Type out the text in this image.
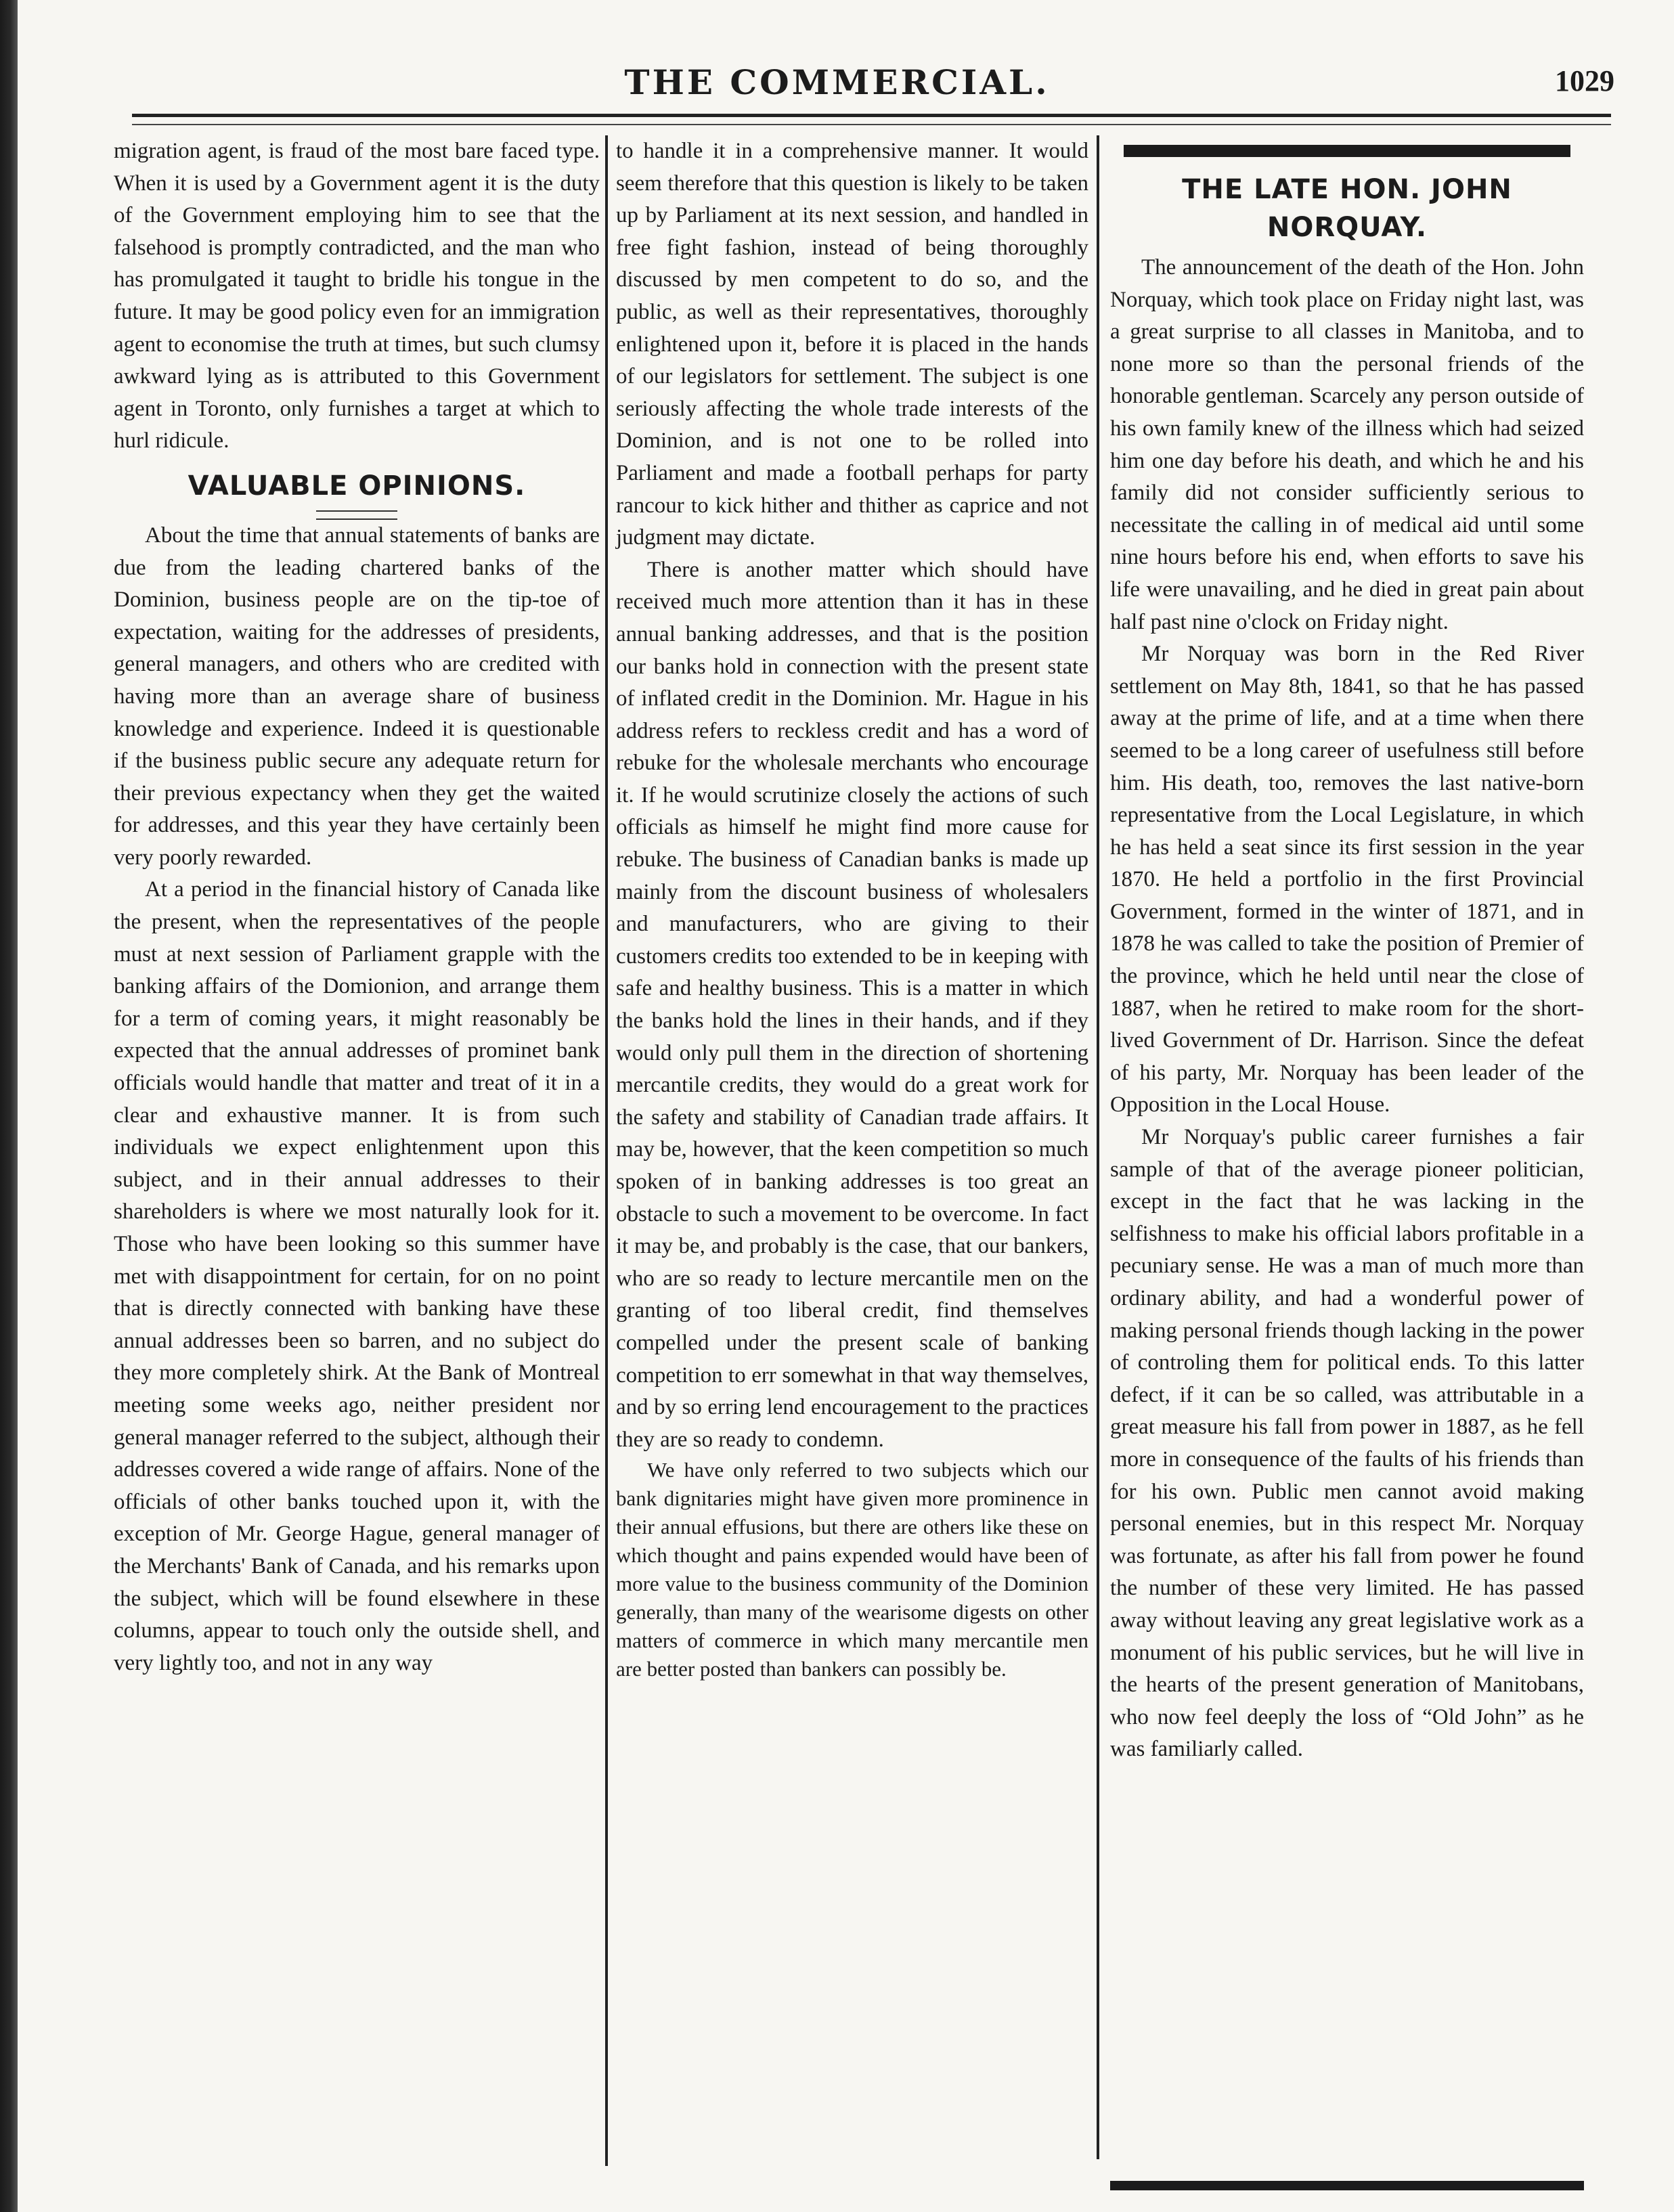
THE COMMERCIAL.	1029

migration agent, is fraud of the most bare faced type. When it is used by a Government agent it is the duty of the Government employing him to see that the falsehood is promptly contradicted, and the man who has promulgated it taught to bridle his tongue in the future. It may be good policy even for an immigration agent to economise the truth at times, but such clumsy awkward lying as is attributed to this Government agent in Toronto, only furnishes a target at which to hurl ridicule.

VALUABLE OPINIONS.

About the time that annual statements of banks are due from the leading chartered banks of the Dominion, business people are on the tip-toe of expectation, waiting for the addresses of presidents, general managers, and others who are credited with having more than an average share of business knowledge and experience. Indeed it is questionable if the business public secure any adequate return for their previous expectancy when they get the waited for addresses, and this year they have certainly been very poorly rewarded.

At a period in the financial history of Canada like the present, when the representatives of the people must at next session of Parliament grapple with the banking affairs of the Domionion, and arrange them for a term of coming years, it might reasonably be expected that the annual addresses of prominet bank officials would handle that matter and treat of it in a clear and exhaustive manner. It is from such individuals we expect enlightenment upon this subject, and in their annual addresses to their shareholders is where we most naturally look for it. Those who have been looking so this summer have met with disappointment for certain, for on no point that is directly connected with banking have these annual addresses been so barren, and no subject do they more completely shirk. At the Bank of Montreal meeting some weeks ago, neither president nor general manager referred to the subject, although their addresses covered a wide range of affairs. None of the officials of other banks touched upon it, with the exception of Mr. George Hague, general manager of the Merchants' Bank of Canada, and his remarks upon the subject, which will be found elsewhere in these columns, appear to touch only the outside shell, and very lightly too, and not in any way

to handle it in a comprehensive manner. It would seem therefore that this question is likely to be taken up by Parliament at its next session, and handled in free fight fashion, instead of being thoroughly discussed by men competent to do so, and the public, as well as their representatives, thoroughly enlightened upon it, before it is placed in the hands of our legislators for settlement. The subject is one seriously affecting the whole trade interests of the Dominion, and is not one to be rolled into Parliament and made a football perhaps for party rancour to kick hither and thither as caprice and not judgment may dictate.

There is another matter which should have received much more attention than it has in these annual banking addresses, and that is the position our banks hold in connection with the present state of inflated credit in the Dominion. Mr. Hague in his address refers to reckless credit and has a word of rebuke for the wholesale merchants who encourage it. If he would scrutinize closely the actions of such officials as himself he might find more cause for rebuke. The business of Canadian banks is made up mainly from the discount business of wholesalers and manufacturers, who are giving to their customers credits too extended to be in keeping with safe and healthy business. This is a matter in which the banks hold the lines in their hands, and if they would only pull them in the direction of shortening mercantile credits, they would do a great work for the safety and stability of Canadian trade affairs. It may be, however, that the keen competition so much spoken of in banking addresses is too great an obstacle to such a movement to be overcome. In fact it may be, and probably is the case, that our bankers, who are so ready to lecture mercantile men on the granting of too liberal credit, find themselves compelled under the present scale of banking competition to err somewhat in that way themselves, and by so erring lend encouragement to the practices they are so ready to condemn.

We have only referred to two subjects which our bank dignitaries might have given more prominence in their annual effusions, but there are others like these on which thought and pains expended would have been of more value to the business community of the Dominion generally, than many of the wearisome digests on other matters of commerce in which many mercantile men are better posted than bankers can possibly be.

THE LATE HON. JOHN NORQUAY.

The announcement of the death of the Hon. John Norquay, which took place on Friday night last, was a great surprise to all classes in Manitoba, and to none more so than the personal friends of the honorable gentleman. Scarcely any person outside of his own family knew of the illness which had seized him one day before his death, and which he and his family did not consider sufficiently serious to necessitate the calling in of medical aid until some nine hours before his end, when efforts to save his life were unavailing, and he died in great pain about half past nine o'clock on Friday night.

Mr Norquay was born in the Red River settlement on May 8th, 1841, so that he has passed away at the prime of life, and at a time when there seemed to be a long career of usefulness still before him. His death, too, removes the last native-born representative from the Local Legislature, in which he has held a seat since its first session in the year 1870. He held a portfolio in the first Provincial Government, formed in the winter of 1871, and in 1878 he was called to take the position of Premier of the province, which he held until near the close of 1887, when he retired to make room for the short-lived Government of Dr. Harrison. Since the defeat of his party, Mr. Norquay has been leader of the Opposition in the Local House.

Mr Norquay's public career furnishes a fair sample of that of the average pioneer politician, except in the fact that he was lacking in the selfishness to make his official labors profitable in a pecuniary sense. He was a man of much more than ordinary ability, and had a wonderful power of making personal friends though lacking in the power of controling them for political ends. To this latter defect, if it can be so called, was attributable in a great measure his fall from power in 1887, as he fell more in consequence of the faults of his friends than for his own. Public men cannot avoid making personal enemies, but in this respect Mr. Norquay was fortunate, as after his fall from power he found the number of these very limited. He has passed away without leaving any great legislative work as a monument of his public services, but he will live in the hearts of the present generation of Manitobans, who now feel deeply the loss of “Old John” as he was familiarly called.
